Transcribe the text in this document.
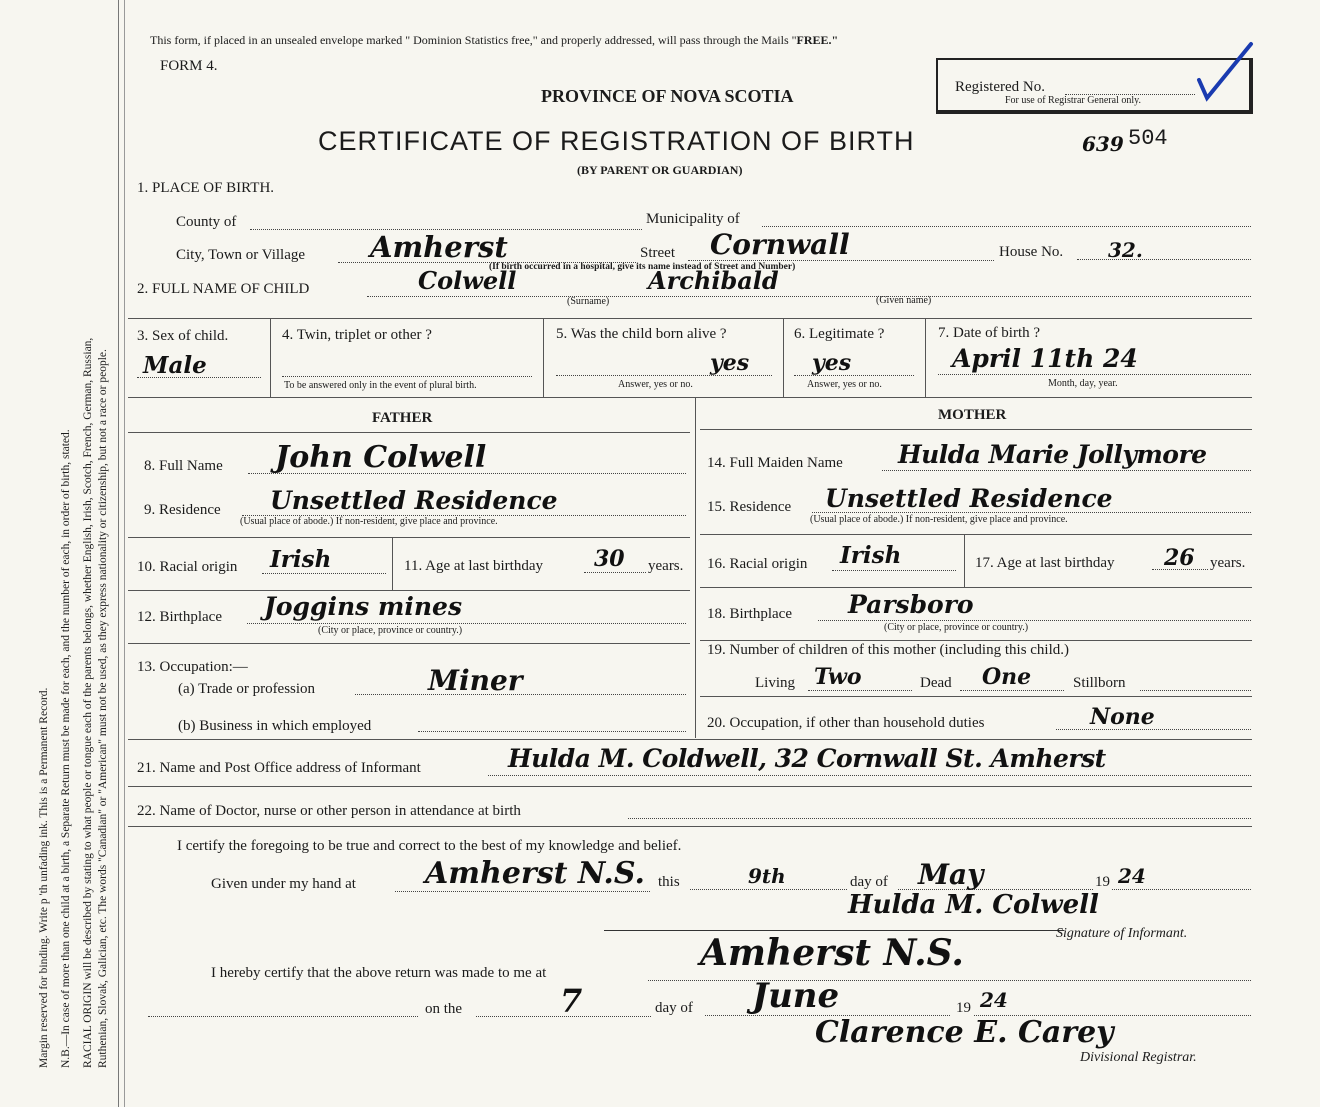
Margin reserved for binding. Write p 'th unfading ink. This is a Permanent Record. N.B.—In case of more than one child at a birth, a Separate Return must be made for each, and the number of each, in order of birth, stated. RACIAL ORIGIN will be described by stating to what people or tongue each of the parents belongs, whether English, Irish, Scotch, French, German, Russian, Ruthenian, Slovak, Galician, etc. The words "Canadian" or "American" must not be used, as they express nationality or citizenship, but not a race or people.
This form, if placed in an unsealed envelope marked " Dominion Statistics free," and properly addressed, will pass through the Mails "FREE."
FORM 4.
PROVINCE OF NOVA SCOTIA
CERTIFICATE OF REGISTRATION OF BIRTH	639 504
(BY PARENT OR GUARDIAN)
Registered No.
For use of Registrar General only.
1. PLACE OF BIRTH.
County of	Municipality of
City, Town or Village Amherst	Street Cornwall	House No. 32.
(If birth occurred in a hospital, give its name instead of Street and Number)
2. FULL NAME OF CHILD	Colwell	Archibald
(Surname)	(Given name)
3. Sex of child.
Male
4. Twin, triplet or other ?
To be answered only in the event of plural birth.
5. Was the child born alive ?
yes
Answer, yes or no.
6. Legitimate ?
yes
Answer, yes or no.
7. Date of birth ?
April 11th 24
Month, day, year.
FATHER	MOTHER
8. Full Name John Colwell
9. Residence Unsettled Residence
(Usual place of abode.) If non-resident, give place and province.
10. Racial origin Irish	11. Age at last birthday 30 years.
12. Birthplace Joggins mines
(City or place, province or country.)
13. Occupation:—
(a) Trade or profession	Miner
(b) Business in which employed
14. Full Maiden Name Hulda Marie Jollymore
15. Residence Unsettled Residence
(Usual place of abode.) If non-resident, give place and province.
16. Racial origin Irish	17. Age at last birthday 26 years.
18. Birthplace Parsboro
(City or place, province or country.)
19. Number of children of this mother (including this child.)
Living Two	Dead One	Stillborn
20. Occupation, if other than household duties	None
21. Name and Post Office address of Informant	Hulda M. Coldwell, 32 Cornwall St. Amherst
22. Name of Doctor, nurse or other person in attendance at birth
I certify the foregoing to be true and correct to the best of my knowledge and belief.
Given under my hand at Amherst N.S. this	9th	day of May	19 24
Hulda M. Colwell
Signature of Informant.
I hereby certify that the above return was made to me at	Amherst N.S.
on the	7	day of June	19 24
Clarence E. Carey
Divisional Registrar.
